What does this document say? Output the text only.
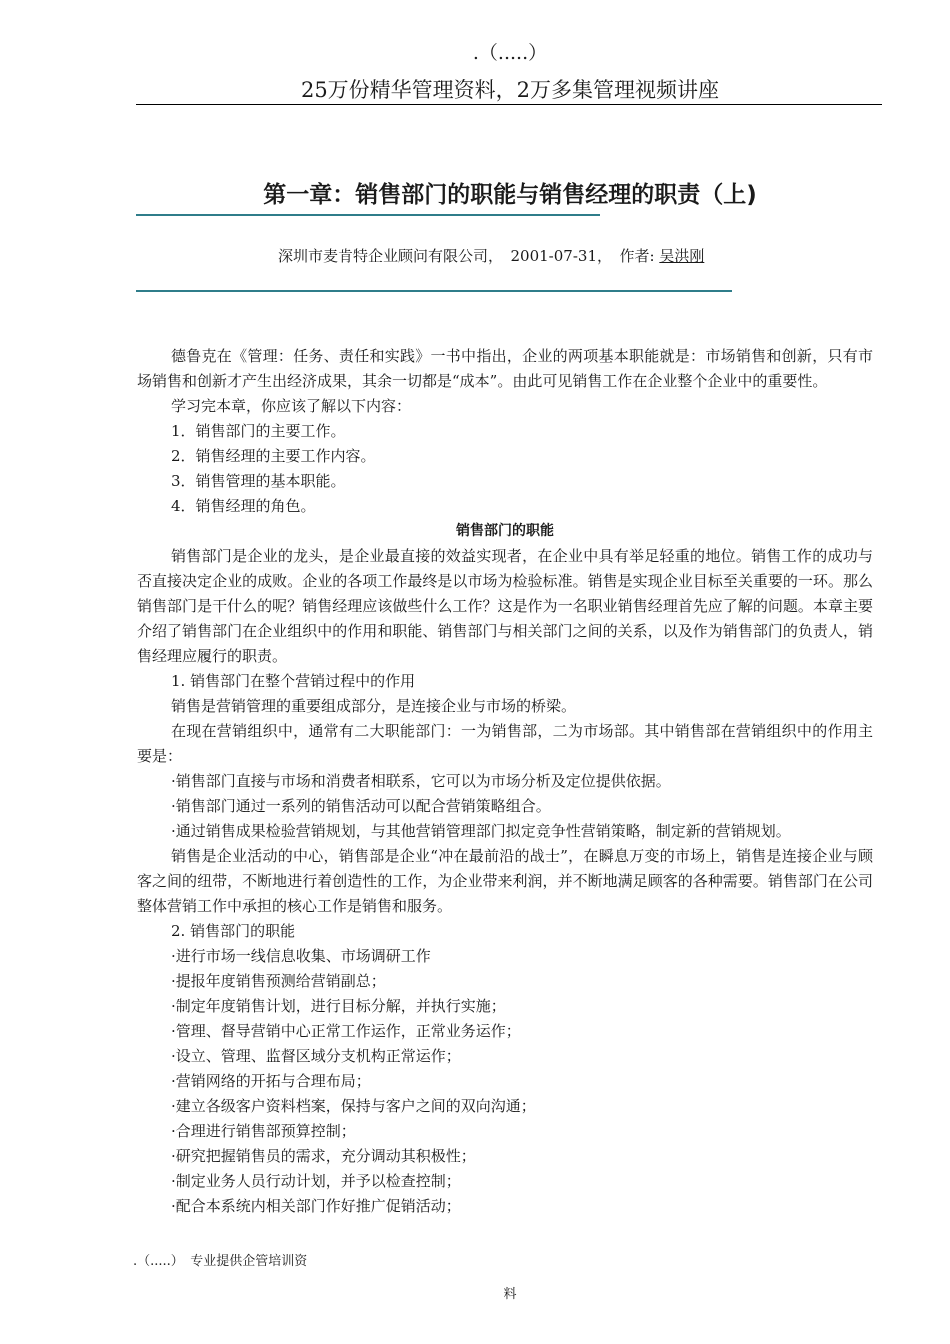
.（.....）
25万份精华管理资料，2万多集管理视频讲座
第一章：销售部门的职能与销售经理的职责（上)
深圳市麦肯特企业顾问有限公司，　2001-07-31，　作者: 吴洪刚

德鲁克在《管理：任务、责任和实践》一书中指出，企业的两项基本职能就是：市场销售和创新，只有市场销售和创新才产生出经济成果，其余一切都是“成本”。由此可见销售工作在企业整个企业中的重要性。

学习完本章，你应该了解以下内容：

1．销售部门的主要工作。

2．销售经理的主要工作内容。

3．销售管理的基本职能。

4．销售经理的角色。

销售部门的职能

销售部门是企业的龙头，是企业最直接的效益实现者，在企业中具有举足轻重的地位。销售工作的成功与否直接决定企业的成败。企业的各项工作最终是以市场为检验标准。销售是实现企业目标至关重要的一环。那么销售部门是干什么的呢？销售经理应该做些什么工作？这是作为一名职业销售经理首先应了解的问题。本章主要介绍了销售部门在企业组织中的作用和职能、销售部门与相关部门之间的关系，以及作为销售部门的负责人，销售经理应履行的职责。

1. 销售部门在整个营销过程中的作用

销售是营销管理的重要组成部分，是连接企业与市场的桥梁。

在现在营销组织中，通常有二大职能部门：一为销售部，二为市场部。其中销售部在营销组织中的作用主要是：

·销售部门直接与市场和消费者相联系，它可以为市场分析及定位提供依据。

·销售部门通过一系列的销售活动可以配合营销策略组合。

·通过销售成果检验营销规划，与其他营销管理部门拟定竞争性营销策略，制定新的营销规划。

销售是企业活动的中心，销售部是企业“冲在最前沿的战士”，在瞬息万变的市场上，销售是连接企业与顾客之间的纽带，不断地进行着创造性的工作，为企业带来利润，并不断地满足顾客的各种需要。销售部门在公司整体营销工作中承担的核心工作是销售和服务。

2. 销售部门的职能

·进行市场一线信息收集、市场调研工作

·提报年度销售预测给营销副总；

·制定年度销售计划，进行目标分解，并执行实施；

·管理、督导营销中心正常工作运作，正常业务运作；

·设立、管理、监督区域分支机构正常运作；

·营销网络的开拓与合理布局；

·建立各级客户资料档案，保持与客户之间的双向沟通；

·合理进行销售部预算控制；

·研究把握销售员的需求，充分调动其积极性；

·制定业务人员行动计划，并予以检查控制；

·配合本系统内相关部门作好推广促销活动；

.（.....）　专业提供企管培训资
料
